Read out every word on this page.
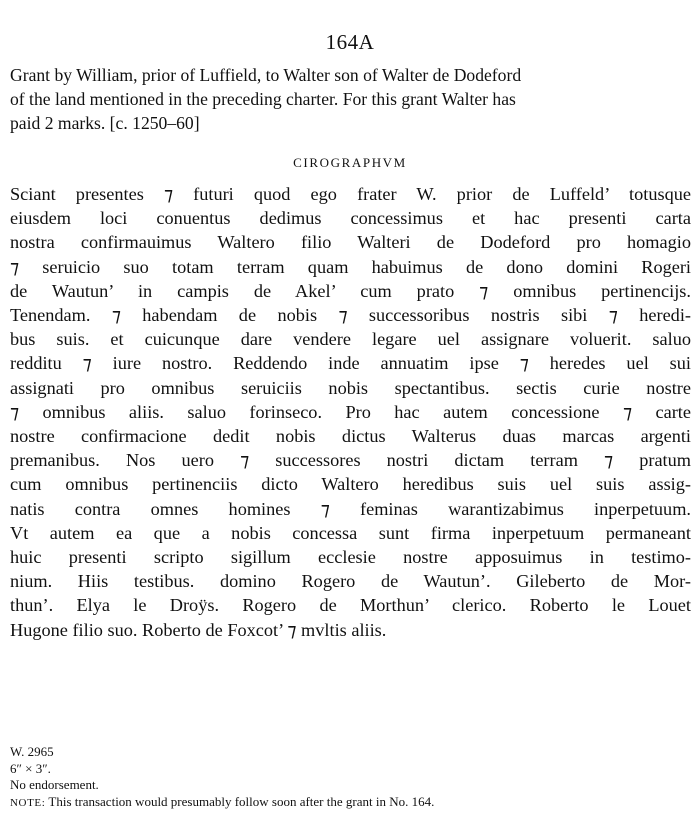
164A

Grant by William, prior of Luffield, to Walter son of Walter de Dodeford
of the land mentioned in the preceding charter. For this grant Walter has
paid 2 marks. [c. 1250–60]

CIROGRAPHVM
Sciant presentes ⁊ futuri quod ego frater W. prior de Luffeld’ totusque
eiusdem loci conuentus dedimus concessimus et hac presenti carta
nostra confirmauimus Waltero filio Walteri de Dodeford pro homagio
⁊ seruicio suo totam terram quam habuimus de dono domini Rogeri
de Wautun’ in campis de Akel’ cum prato ⁊ omnibus pertinencijs.
Tenendam. ⁊ habendam de nobis ⁊ successoribus nostris sibi ⁊ heredi-
bus suis. et cuicunque dare vendere legare uel assignare voluerit. saluo
redditu ⁊ iure nostro. Reddendo inde annuatim ipse ⁊ heredes uel sui
assignati pro omnibus seruiciis nobis spectantibus. sectis curie nostre
⁊ omnibus aliis. saluo forinseco. Pro hac autem concessione ⁊ carte
nostre confirmacione dedit nobis dictus Walterus duas marcas argenti
premanibus. Nos uero ⁊ successores nostri dictam terram ⁊ pratum
cum omnibus pertinenciis dicto Waltero heredibus suis uel suis assig-
natis contra omnes homines ⁊ feminas warantizabimus inperpetuum.
Vt autem ea que a nobis concessa sunt firma inperpetuum permaneant
huic presenti scripto sigillum ecclesie nostre apposuimus in testimo-
nium. Hiis testibus. domino Rogero de Wautun’. Gileberto de Mor-
thun’. Elya le Droÿs. Rogero de Morthun’ clerico. Roberto le Louet
Hugone filio suo. Roberto de Foxcot’ ⁊ mvltis aliis.
W. 2965
6″ × 3″.
No endorsement.
NOTE: This transaction would presumably follow soon after the grant in No. 164.
